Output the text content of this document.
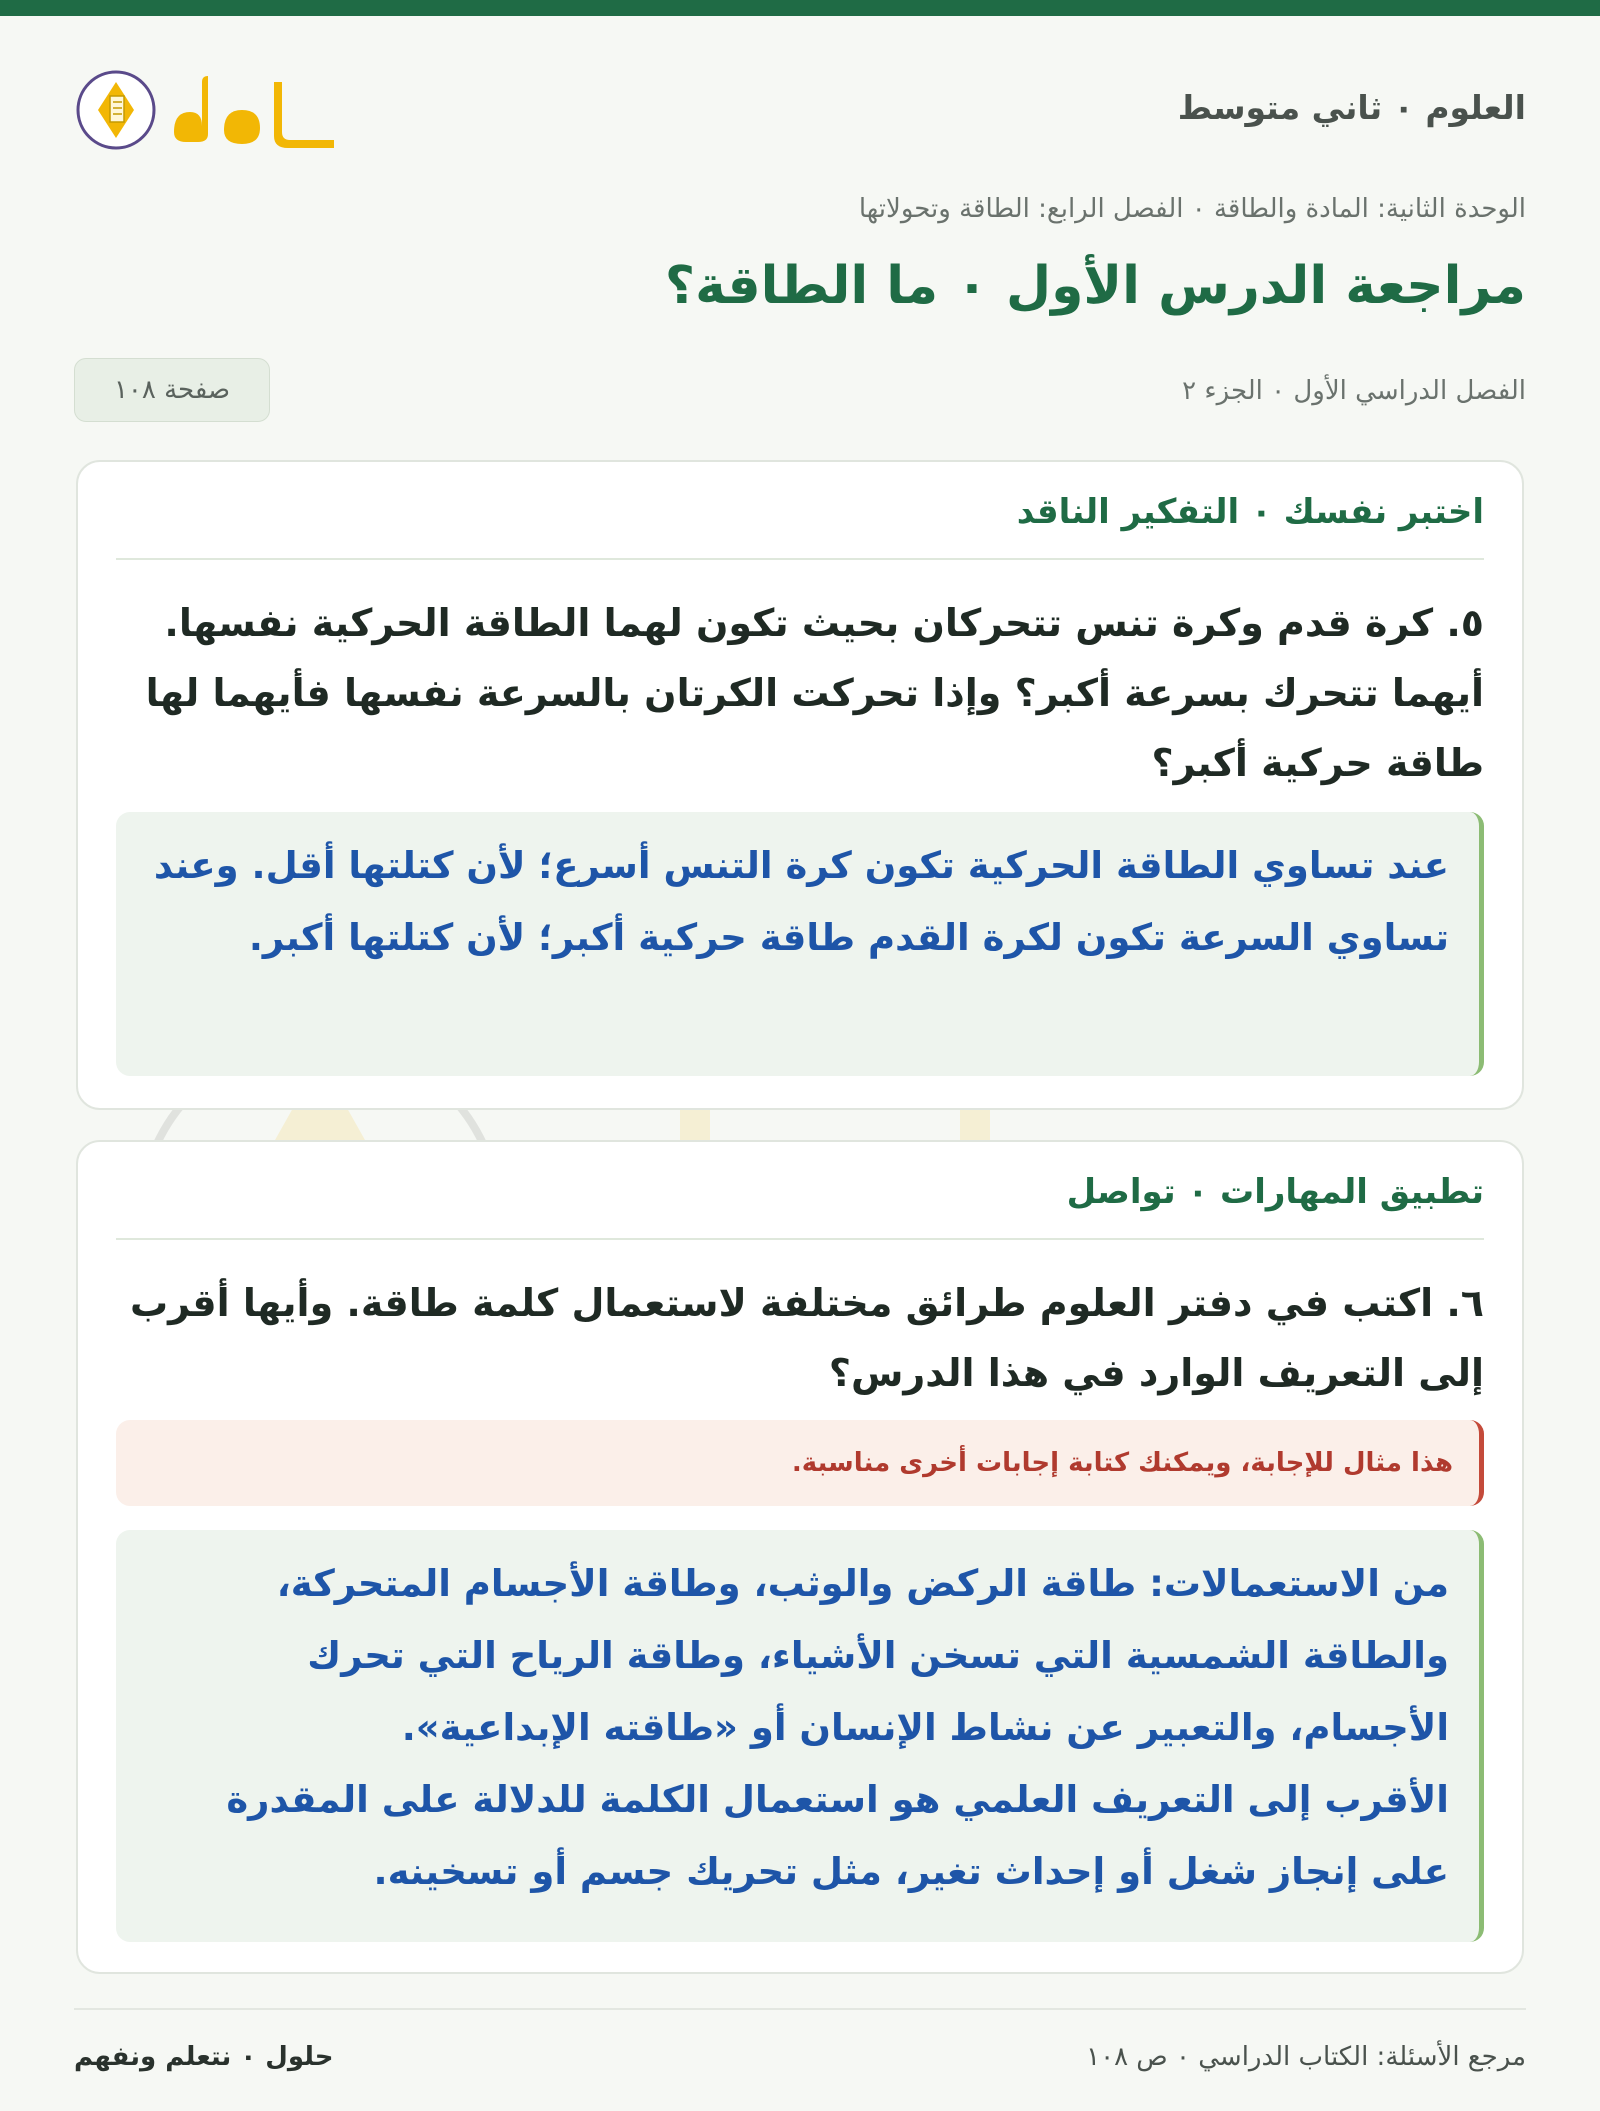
العلوم ٠ ثاني متوسط
الوحدة الثانية: المادة والطاقة ٠ الفصل الرابع: الطاقة وتحولاتها
مراجعة الدرس الأول ٠ ما الطاقة؟
الفصل الدراسي الأول ٠ الجزء ٢
صفحة ١٠٨
اختبر نفسك ٠ التفكير الناقد

٥. كرة قدم وكرة تنس تتحركان بحيث تكون لهما الطاقة الحركية نفسها. أيهما تتحرك بسرعة أكبر؟ وإذا تحركت الكرتان بالسرعة نفسها فأيهما لها طاقة حركية أكبر؟

عند تساوي الطاقة الحركية تكون كرة التنس أسرع؛ لأن كتلتها أقل. وعند تساوي السرعة تكون لكرة القدم طاقة حركية أكبر؛ لأن كتلتها أكبر.

تطبيق المهارات ٠ تواصل

٦. اكتب في دفتر العلوم طرائق مختلفة لاستعمال كلمة طاقة. وأيها أقرب إلى التعريف الوارد في هذا الدرس؟

هذا مثال للإجابة، ويمكنك كتابة إجابات أخرى مناسبة.

من الاستعمالات: طاقة الركض والوثب، وطاقة الأجسام المتحركة، والطاقة الشمسية التي تسخن الأشياء، وطاقة الرياح التي تحرك الأجسام، والتعبير عن نشاط الإنسان أو «طاقته الإبداعية».

الأقرب إلى التعريف العلمي هو استعمال الكلمة للدلالة على المقدرة على إنجاز شغل أو إحداث تغير، مثل تحريك جسم أو تسخينه.

مرجع الأسئلة: الكتاب الدراسي ٠ ص ١٠٨
حلول ٠ نتعلم ونفهم
